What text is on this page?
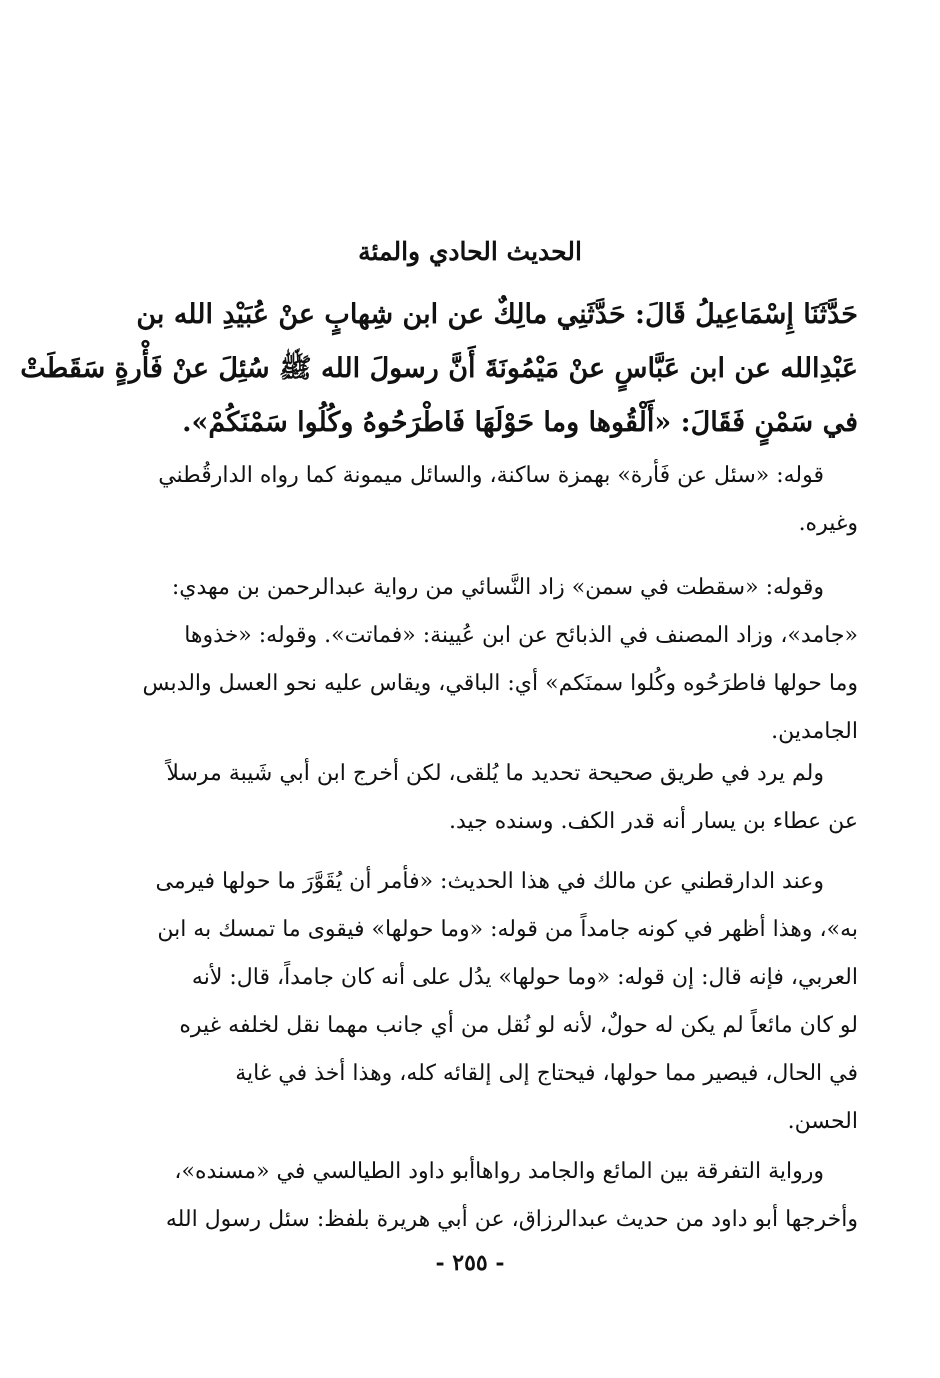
الحديث الحادي والمئة
حَدَّثَنَا إِسْمَاعِيلُ قَالَ: حَدَّثَنِي مالِكٌ عن ابن شِهابٍ عنْ عُبَيْدِ الله بن
عَبْدِالله عن ابن عَبَّاسٍ عنْ مَيْمُونَةَ أَنَّ رسولَ الله ﷺ سُئِلَ عنْ فَأْرةٍ سَقَطَتْ
في سَمْنٍ فَقَالَ: «أَلْقُوها وما حَوْلَهَا فَاطْرَحُوهُ وكُلُوا سَمْنَكُمْ».
قوله: «سئل عن فَأرة» بهمزة ساكنة، والسائل ميمونة كما رواه الدارقُطني
وغيره.
وقوله: «سقطت في سمن» زاد النَّسائي من رواية عبدالرحمن بن مهدي:
«جامد»، وزاد المصنف في الذبائح عن ابن عُيينة: «فماتت». وقوله: «خذوها
وما حولها فاطرَحُوه وكُلوا سمنَكم» أي: الباقي، ويقاس عليه نحو العسل والدبس
الجامدين.
ولم يرد في طريق صحيحة تحديد ما يُلقى، لكن أخرج ابن أبي شَيبة مرسلاً
عن عطاء بن يسار أنه قدر الكف. وسنده جيد.
وعند الدارقطني عن مالك في هذا الحديث: «فأمر أن يُقَوَّرَ ما حولها فيرمى
به»، وهذا أظهر في كونه جامداً من قوله: «وما حولها» فيقوى ما تمسك به ابن
العربي، فإنه قال: إن قوله: «وما حولها» يدُل على أنه كان جامداً، قال: لأنه
لو كان مائعاً لم يكن له حولٌ، لأنه لو نُقل من أي جانب مهما نقل لخلفه غيره
في الحال، فيصير مما حولها، فيحتاج إلى إلقائه كله، وهذا أخذ في غاية
الحسن.
ورواية التفرقة بين المائع والجامد رواهاأبو داود الطيالسي في «مسنده»،
وأخرجها أبو داود من حديث عبدالرزاق، عن أبي هريرة بلفظ: سئل رسول الله
- ٢٥٥ -
